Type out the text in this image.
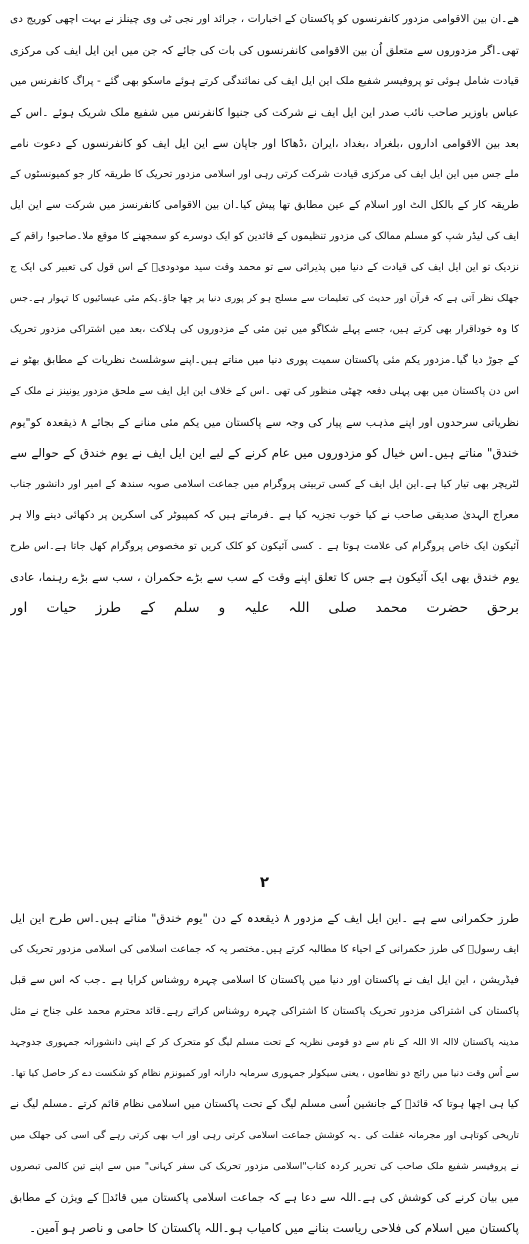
ھے۔ان بین الاقوامی مزدور کانفرنسوں کو پاکستان کے اخبارات ، جرائد اور نجی ٹی وی چینلز نے بہت اچھی کوریج دی
تھی۔اگر مزدوروں سے متعلق اُن بین الاقوامی کانفرنسوں کی بات کی جائے کہ جن میں این ایل ایف کی مرکزی
قیادت شامل ہوئی تو پروفیسر شفیع ملک این ایل ایف کی نمائندگی کرتے ہوئے ماسکو بھی گئے - پراگ کانفرنس میں
عباس باوزیر صاحب نائب صدر این ایل ایف نے شرکت کی جنیوا کانفرنس میں شفیع ملک شریک ہوئے ۔اس کے
بعد بین الاقوامی اداروں ،بلغراد ،بغداد ،ایران ،ڈھاکا اور جاپان سے این ایل ایف کو کانفرنسوں کے دعوت نامے
ملے جس میں این ایل ایف کی مرکزی قیادت شرکت کرتی رہی اور اسلامی مزدور تحریک کا طریقہ کار جو کمیونسٹوں کے
طریقہ کار کے بالکل الٹ اور اسلام کے عین مطابق تھا پیش کیا۔ان بین الاقوامی کانفرنسز میں شرکت سے این ایل
ایف کی لیڈر شپ کو مسلم ممالک کی مزدور تنظیموں کے قائدین کو ایک دوسرے کو سمجھنے کا موقع ملا۔صاحبو! راقم کے
نزدیک تو این ایل ایف کی قیادت کے دنیا میں پذیرائی سے تو محمد وقت سید مودودیؒ کے اس قول کی تعبیر کی ایک ج
جھلک نظر آتی ہے کہ قرآن اور حدیث کی تعلیمات سے مسلح ہو کر پوری دنیا پر چھا جاؤ۔یکم مئی عیسائیوں کا تہوار ہے۔جس
کا وہ خوداقرار بھی کرتے ہیں، جسے پہلے شکاگو میں تین مئی کے مزدوروں کی ہلاکت ،بعد میں اشتراکی مزدور تحریک
کے جوڑ دیا گیا۔مزدور یکم مئی پاکستان سمیت پوری دنیا میں مناتے ہیں۔اپنے سوشلسٹ نظریات کے مطابق بھٹو نے
اس دن پاکستان میں بھی پہلی دفعہ چھٹی منظور کی تھی ۔اس کے خلاف این ایل ایف سے ملحق مزدور یونینز نے ملک کے
نظریاتی سرحدوں اور اپنے مذہب سے پیار کی وجہ سے پاکستان میں یکم مئی منانے کے بجائے ۸ ذیقعدہ کو"یوم
خندق" مناتے ہیں۔اس خیال کو مزدوروں میں عام کرنے کے لیے این ایل ایف نے یوم خندق کے حوالے سے
لٹریچر بھی تیار کیا ہے۔این ایل ایف کے کسی تربیتی پروگرام میں جماعت اسلامی صوبہ سندھ کے امیر اور دانشور جناب
معراج الہدیٰ صدیقی صاحب نے کیا خوب تجزیہ کیا ہے ۔فرماتے ہیں کہ کمپیوٹر کی اسکرین پر دکھائی دینے والا ہر
آئیکون ایک خاص پروگرام کی علامت ہوتا ہے ۔ کسی آئیکون کو کلک کریں تو مخصوص پروگرام کھل جاتا ہے۔اس طرح
یوم خندق بھی ایک آئیکون ہے جس کا تعلق اپنے وقت کے سب سے بڑے حکمران ، سب سے بڑے رہنما، عادی
برحق حضرت محمد صلی اللہ علیہ و سلم کے طرز حیات اور
۲
طرز حکمرانی سے ہے ۔این ایل ایف کے مزدور ۸ ذیقعدہ کے دن "یوم خندق" مناتے ہیں۔اس طرح این ایل
ایف رسولؐ کی طرز حکمرانی کے احیاء کا مطالبہ کرتے ہیں۔مختصر یہ کہ جماعت اسلامی کی اسلامی مزدور تحریک کی
فیڈریشن ، این ایل ایف نے پاکستان اور دنیا میں پاکستان کا اسلامی چہرہ روشناس کرایا ہے ۔جب کہ اس سے قبل
پاکستان کی اشتراکی مزدور تحریک پاکستان کا اشتراکی چہرہ روشناس کراتے رہے۔قائد محترم محمد علی جناح نے مثل
مدینہ پاکستان لاالہ الا اللہ کے نام سے دو قومی نظریہ کے تحت مسلم لیگ کو متحرک کر کے اپنی دانشورانہ جمہوری جدوجہد
سے اُس وقت دنیا میں رائج دو نظاموں ، یعنی سیکولر جمہوری سرمایہ دارانہ اور کمیونزم نظام کو شکست دے کر حاصل کیا تھا۔
کیا ہی اچھا ہوتا کہ قائدؒ کے جانشین اُسی مسلم لیگ کے تحت پاکستان میں اسلامی نظام قائم کرتے ۔مسلم لیگ نے
تاریخی کوتاہی اور مجرمانہ غفلت کی ۔یہ کوشش جماعت اسلامی کرتی رہی اور اب بھی کرتی رہے گی اسی کی جھلک میں
نے پروفیسر شفیع ملک صاحب کی تحریر کردہ کتاب"اسلامی مزدور تحریک کی سفر کہانی" میں سے اپنے تین کالمی تبصروں
میں بیان کرنے کی کوشش کی ہے۔اللہ سے دعا ہے کہ جماعت اسلامی پاکستان میں قائدؒ کے ویژن کے مطابق
پاکستان میں اسلام کی فلاحی ریاست بنانے میں کامیاب ہو۔اللہ پاکستان کا حامی و ناصر ہو آمین۔
